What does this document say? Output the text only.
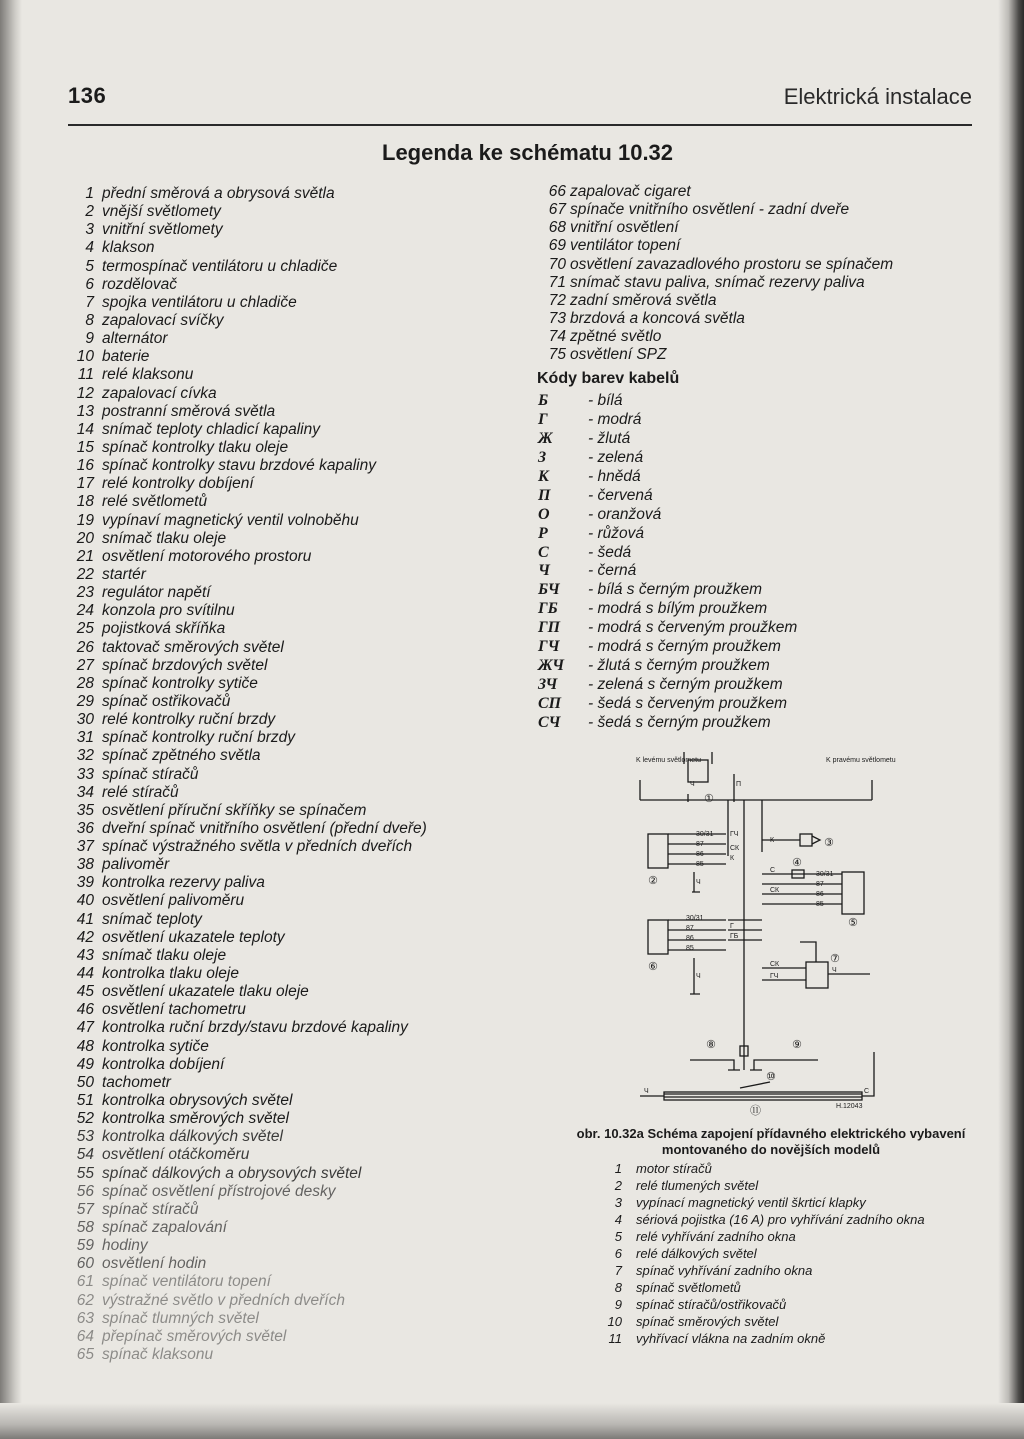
136	Elektrická instalace
Legenda ke schématu 10.32
1 přední směrová a obrysová světla
2 vnější světlomety
3 vnitřní světlomety
4 klakson
5 termospínač ventilátoru u chladiče
6 rozdělovač
7 spojka ventilátoru u chladiče
8 zapalovací svíčky
9 alternátor
10 baterie
11 relé klaksonu
12 zapalovací cívka
13 postranní směrová světla
14 snímač teploty chladicí kapaliny
15 spínač kontrolky tlaku oleje
16 spínač kontrolky stavu brzdové kapaliny
17 relé kontrolky dobíjení
18 relé světlometů
19 vypínaví magnetický ventil volnoběhu
20 snímač tlaku oleje
21 osvětlení motorového prostoru
22 startér
23 regulátor napětí
24 konzola pro svítilnu
25 pojistková skříňka
26 taktovač směrových světel
27 spínač brzdových světel
28 spínač kontrolky sytiče
29 spínač ostřikovačů
30 relé kontrolky ruční brzdy
31 spínač kontrolky ruční brzdy
32 spínač zpětného světla
33 spínač stíračů
34 relé stíračů
35 osvětlení příruční skříňky se spínačem
36 dveřní spínač vnitřního osvětlení (přední dveře)
37 spínač výstražného světla v předních dveřích
38 palivoměr
39 kontrolka rezervy paliva
40 osvětlení palivoměru
41 snímač teploty
42 osvětlení ukazatele teploty
43 snímač tlaku oleje
44 kontrolka tlaku oleje
45 osvětlení ukazatele tlaku oleje
46 osvětlení tachometru
47 kontrolka ruční brzdy/stavu brzdové kapaliny
48 kontrolka sytiče
49 kontrolka dobíjení
50 tachometr
51 kontrolka obrysových světel
52 kontrolka směrových světel
53 kontrolka dálkových světel
54 osvětlení otáčkoměru
55 spínač dálkových a obrysových světel
56 spínač osvětlení přístrojové desky
57 spínač stíračů
58 spínač zapalování
59 hodiny
60 osvětlení hodin
61 spínač ventilátoru topení
62 výstražné světlo v předních dveřích
63 spínač tlumných světel
64 přepínač směrových světel
65 spínač klaksonu
66 zapalovač cigaret
67 spínače vnitřního osvětlení - zadní dveře
68 vnitřní osvětlení
69 ventilátor topení
70 osvětlení zavazadlového prostoru se spínačem
71 snímač stavu paliva, snímač rezervy paliva
72 zadní směrová světla
73 brzdová a koncová světla
74 zpětné světlo
75 osvětlení SPZ
Kódy barev kabelů
Б	- bílá
Г	- modrá
Ж	- žlutá
З	- zelená
К	- hnědá
П	- červená
О	- oranžová
Р	- růžová
С	- šedá
Ч	- černá
БЧ	- bílá s černým proužkem
ГБ	- modrá s bílým proužkem
ГП	- modrá s červeným proužkem
ГЧ	- modrá s černým proužkem
ЖЧ	- žlutá s černým proužkem
ЗЧ	- zelená s černým proužkem
СП	- šedá s červeným proužkem
СЧ	- šedá s černým proužkem
K levému světlometu	K pravému světlometu
30/31
87
86
85
30/31
87
86
85
30/31
87
86
85
ГЧ
СК
К
С
СК
Г
ГБ
СК
ГЧ
К
Ч
Ч
Ч
П
Ч
Ч	С
H.12043
①
②
③
④
⑤
⑥
⑦
⑧	⑨
⑩
⑪
obr. 10.32a Schéma zapojení přídavného elektrického vybavení montovaného do novějších modelů
1	motor stíračů
2	relé tlumených světel
3	vypínací magnetický ventil škrticí klapky
4	sériová pojistka (16 A) pro vyhřívání zadního okna
5	relé vyhřívání zadního okna
6	relé dálkových světel
7	spínač vyhřívání zadního okna
8	spínač světlometů
9	spínač stíračů/ostřikovačů
10	spínač směrových světel
11	vyhřívací vlákna na zadním okně
